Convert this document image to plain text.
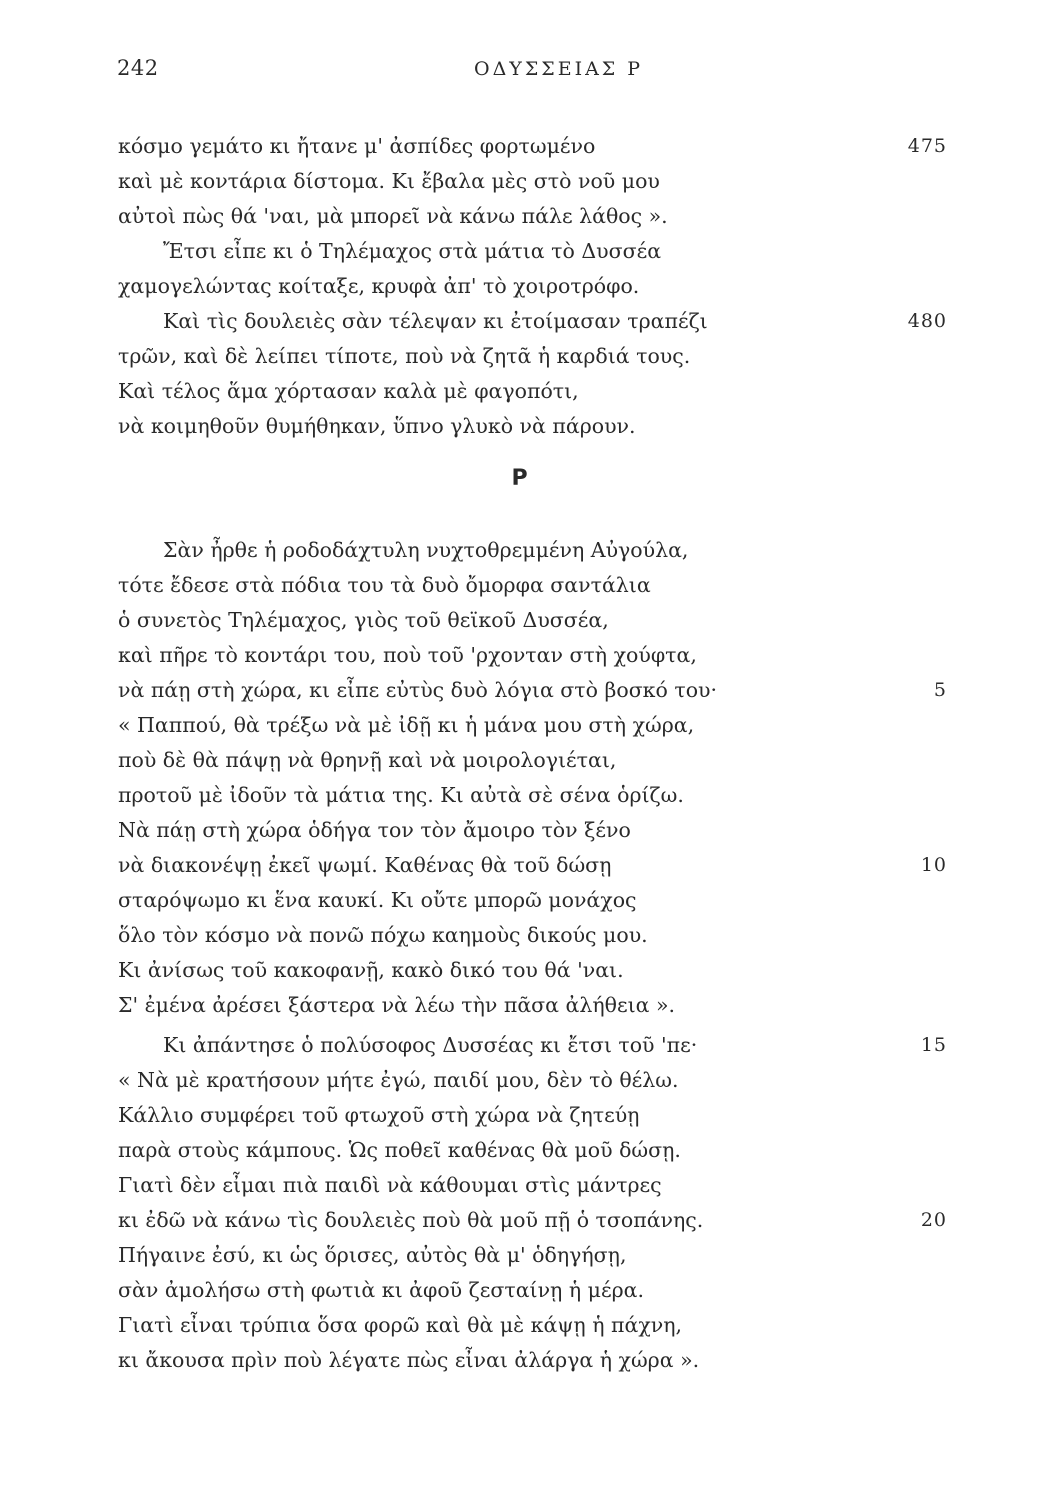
242	ΟΔΥΣΣΕΙΑΣ Ρ
κόσμο γεμάτο κι ἤτανε μ' ἀσπίδες φορτωμένο	475
καὶ μὲ κοντάρια δίστομα. Κι ἔβαλα μὲς στὸ νοῦ μου
αὐτοὶ πὼς θά 'ναι, μὰ μπορεῖ νὰ κάνω πάλε λάθος ».
Ἔτσι εἶπε κι ὁ Τηλέμαχος στὰ μάτια τὸ Δυσσέα
χαμογελώντας κοίταξε, κρυφὰ ἀπ' τὸ χοιροτρόφο.
Καὶ τὶς δουλειὲς σὰν τέλεψαν κι ἐτοίμασαν τραπέζι	480
τρῶν, καὶ δὲ λείπει τίποτε, ποὺ νὰ ζητᾶ ἡ καρδιά τους.
Καὶ τέλος ἅμα χόρτασαν καλὰ μὲ φαγοπότι,
νὰ κοιμηθοῦν θυμήθηκαν, ὕπνο γλυκὸ νὰ πάρουν.
Ρ
Σὰν ἦρθε ἡ ροδοδάχτυλη νυχτοθρεμμένη Αὐγούλα,
τότε ἔδεσε στὰ πόδια του τὰ δυὸ ὄμορφα σαντάλια
ὁ συνετὸς Τηλέμαχος, γιὸς τοῦ θεϊκοῦ Δυσσέα,
καὶ πῆρε τὸ κοντάρι του, ποὺ τοῦ 'ρχονταν στὴ χούφτα,
νὰ πάῃ στὴ χώρα, κι εἶπε εὐτὺς δυὸ λόγια στὸ βοσκό του·	5
« Παππού, θὰ τρέξω νὰ μὲ ἰδῇ κι ἡ μάνα μου στὴ χώρα,
ποὺ δὲ θὰ πάψῃ νὰ θρηνῇ καὶ νὰ μοιρολογιέται,
προτοῦ μὲ ἰδοῦν τὰ μάτια της. Κι αὐτὰ σὲ σένα ὁρίζω.
Νὰ πάῃ στὴ χώρα ὁδήγα τον τὸν ἄμοιρο τὸν ξένο
νὰ διακονέψῃ ἐκεῖ ψωμί. Καθένας θὰ τοῦ δώσῃ	10
σταρόψωμο κι ἕνα καυκί. Κι οὔτε μπορῶ μονάχος
ὅλο τὸν κόσμο νὰ πονῶ πόχω καημοὺς δικούς μου.
Κι ἀνίσως τοῦ κακοφανῇ, κακὸ δικό του θά 'ναι.
Σ' ἐμένα ἀρέσει ξάστερα νὰ λέω τὴν πᾶσα ἀλήθεια ».
Κι ἀπάντησε ὁ πολύσοφος Δυσσέας κι ἔτσι τοῦ 'πε·	15
« Νὰ μὲ κρατήσουν μήτε ἐγώ, παιδί μου, δὲν τὸ θέλω.
Κάλλιο συμφέρει τοῦ φτωχοῦ στὴ χώρα νὰ ζητεύῃ
παρὰ στοὺς κάμπους. Ὡς ποθεῖ καθένας θὰ μοῦ δώσῃ.
Γιατὶ δὲν εἶμαι πιὰ παιδὶ νὰ κάθουμαι στὶς μάντρες
κι ἐδῶ νὰ κάνω τὶς δουλειὲς ποὺ θὰ μοῦ πῇ ὁ τσοπάνης.	20
Πήγαινε ἐσύ, κι ὡς ὅρισες, αὐτὸς θὰ μ' ὁδηγήσῃ,
σὰν ἀμολήσω στὴ φωτιὰ κι ἀφοῦ ζεσταίνῃ ἡ μέρα.
Γιατὶ εἶναι τρύπια ὅσα φορῶ καὶ θὰ μὲ κάψῃ ἡ πάχνη,
κι ἄκουσα πρὶν ποὺ λέγατε πὼς εἶναι ἀλάργα ἡ χώρα ».
